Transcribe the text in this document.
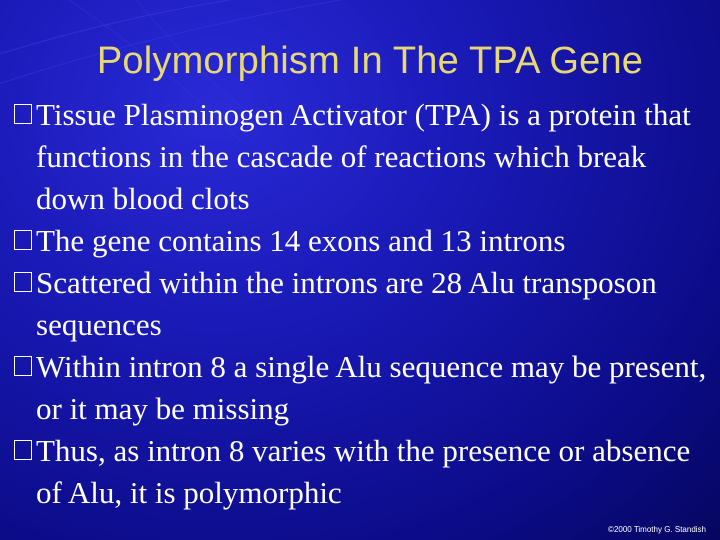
Polymorphism In The TPA Gene
Tissue Plasminogen Activator (TPA) is a protein that functions in the cascade of reactions which break down blood clots
The gene contains 14 exons and 13 introns
Scattered within the introns are 28 Alu transposon sequences
Within intron 8 a single Alu sequence may be present, or it may be missing
Thus, as intron 8 varies with the presence or absence of Alu, it is polymorphic
©2000 Timothy G. Standish
